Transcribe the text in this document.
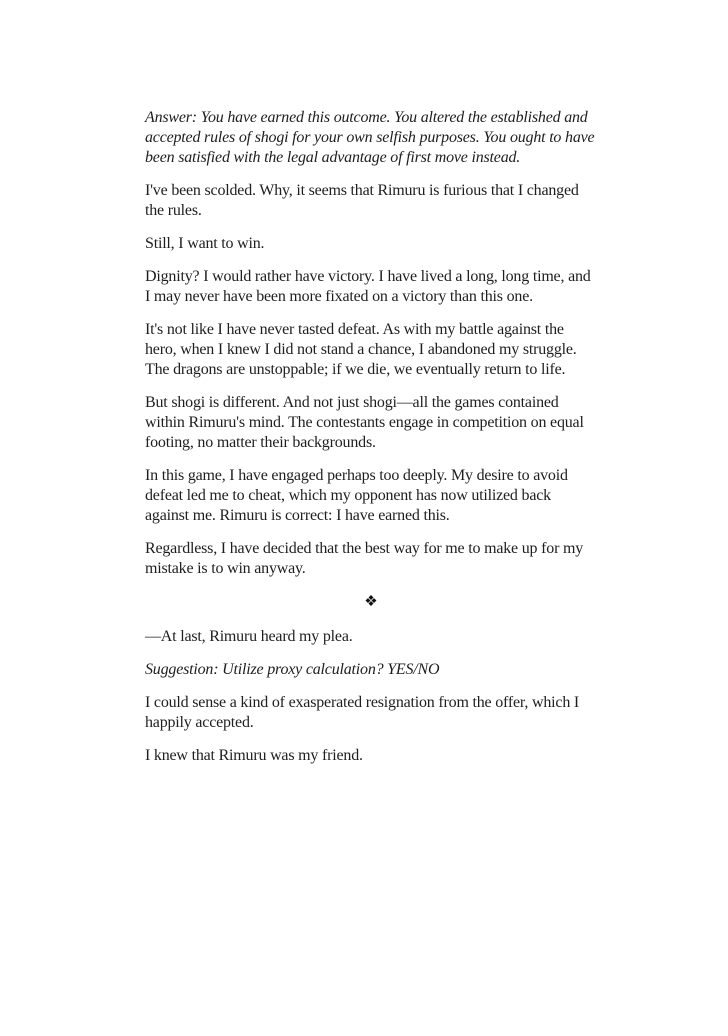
Answer: You have earned this outcome. You altered the established and accepted rules of shogi for your own selfish purposes. You ought to have been satisfied with the legal advantage of first move instead.

I've been scolded. Why, it seems that Rimuru is furious that I changed the rules.

Still, I want to win.

Dignity? I would rather have victory. I have lived a long, long time, and I may never have been more fixated on a victory than this one.

It's not like I have never tasted defeat. As with my battle against the hero, when I knew I did not stand a chance, I abandoned my struggle. The dragons are unstoppable; if we die, we eventually return to life.

But shogi is different. And not just shogi—all the games contained within Rimuru's mind. The contestants engage in competition on equal footing, no matter their backgrounds.

In this game, I have engaged perhaps too deeply. My desire to avoid defeat led me to cheat, which my opponent has now utilized back against me. Rimuru is correct: I have earned this.

Regardless, I have decided that the best way for me to make up for my mistake is to win anyway.

❖

—At last, Rimuru heard my plea.

Suggestion: Utilize proxy calculation? YES/NO

I could sense a kind of exasperated resignation from the offer, which I happily accepted.

I knew that Rimuru was my friend.
